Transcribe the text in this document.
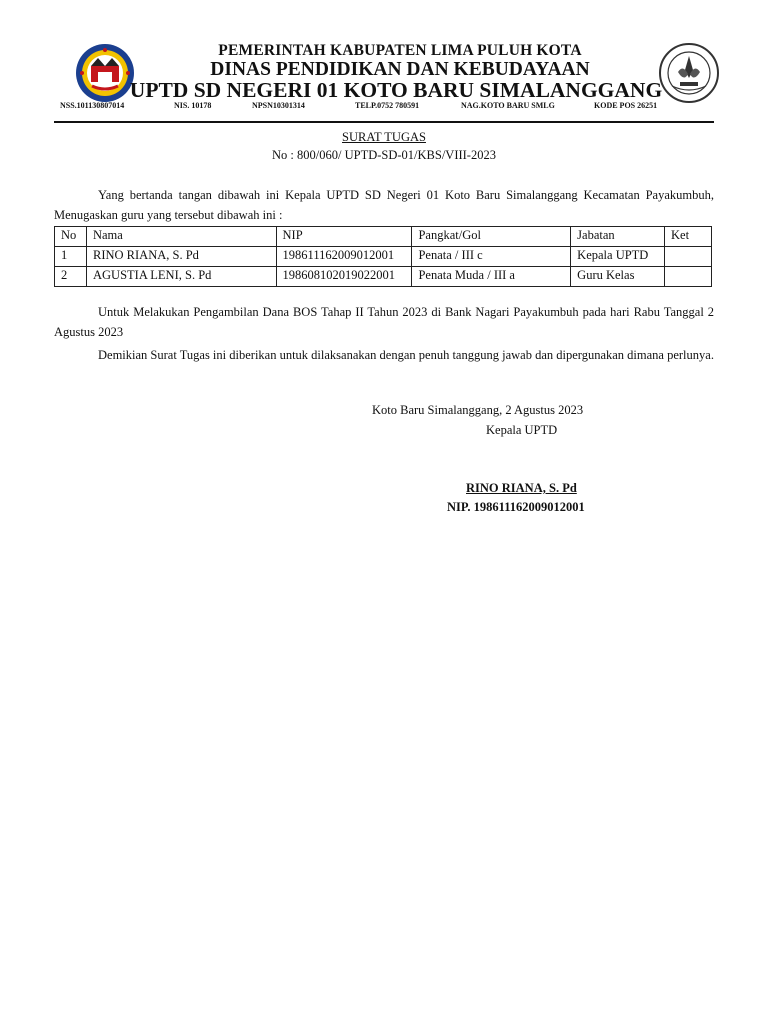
PEMERINTAH KABUPATEN LIMA PULUH KOTA
DINAS PENDIDIKAN DAN KEBUDAYAAN
UPTD SD NEGERI 01 KOTO BARU SIMALANGGANG
NSS.101130807014	NIS. 10178	NPSN10301314	TELP.0752 780591	NAG.KOTO BARU SMLG	KODE POS 26251
SURAT TUGAS
No : 800/060/ UPTD-SD-01/KBS/VIII-2023
Yang bertanda tangan dibawah ini Kepala UPTD SD Negeri 01 Koto Baru Simalanggang Kecamatan Payakumbuh, Menugaskan guru yang tersebut dibawah ini :
No	Nama	NIP	Pangkat/Gol	Jabatan	Ket
1	RINO RIANA, S. Pd	198611162009012001	Penata / III c	Kepala UPTD	
2	AGUSTIA LENI, S. Pd	198608102019022001	Penata Muda / III a	Guru Kelas	
Untuk Melakukan Pengambilan Dana BOS Tahap II Tahun 2023 di Bank Nagari Payakumbuh pada hari Rabu Tanggal 2 Agustus 2023
Demikian Surat Tugas ini diberikan untuk dilaksanakan dengan penuh tanggung jawab dan dipergunakan dimana perlunya.
Koto Baru Simalanggang, 2 Agustus 2023
Kepala UPTD
RINO RIANA, S. Pd
NIP. 198611162009012001
